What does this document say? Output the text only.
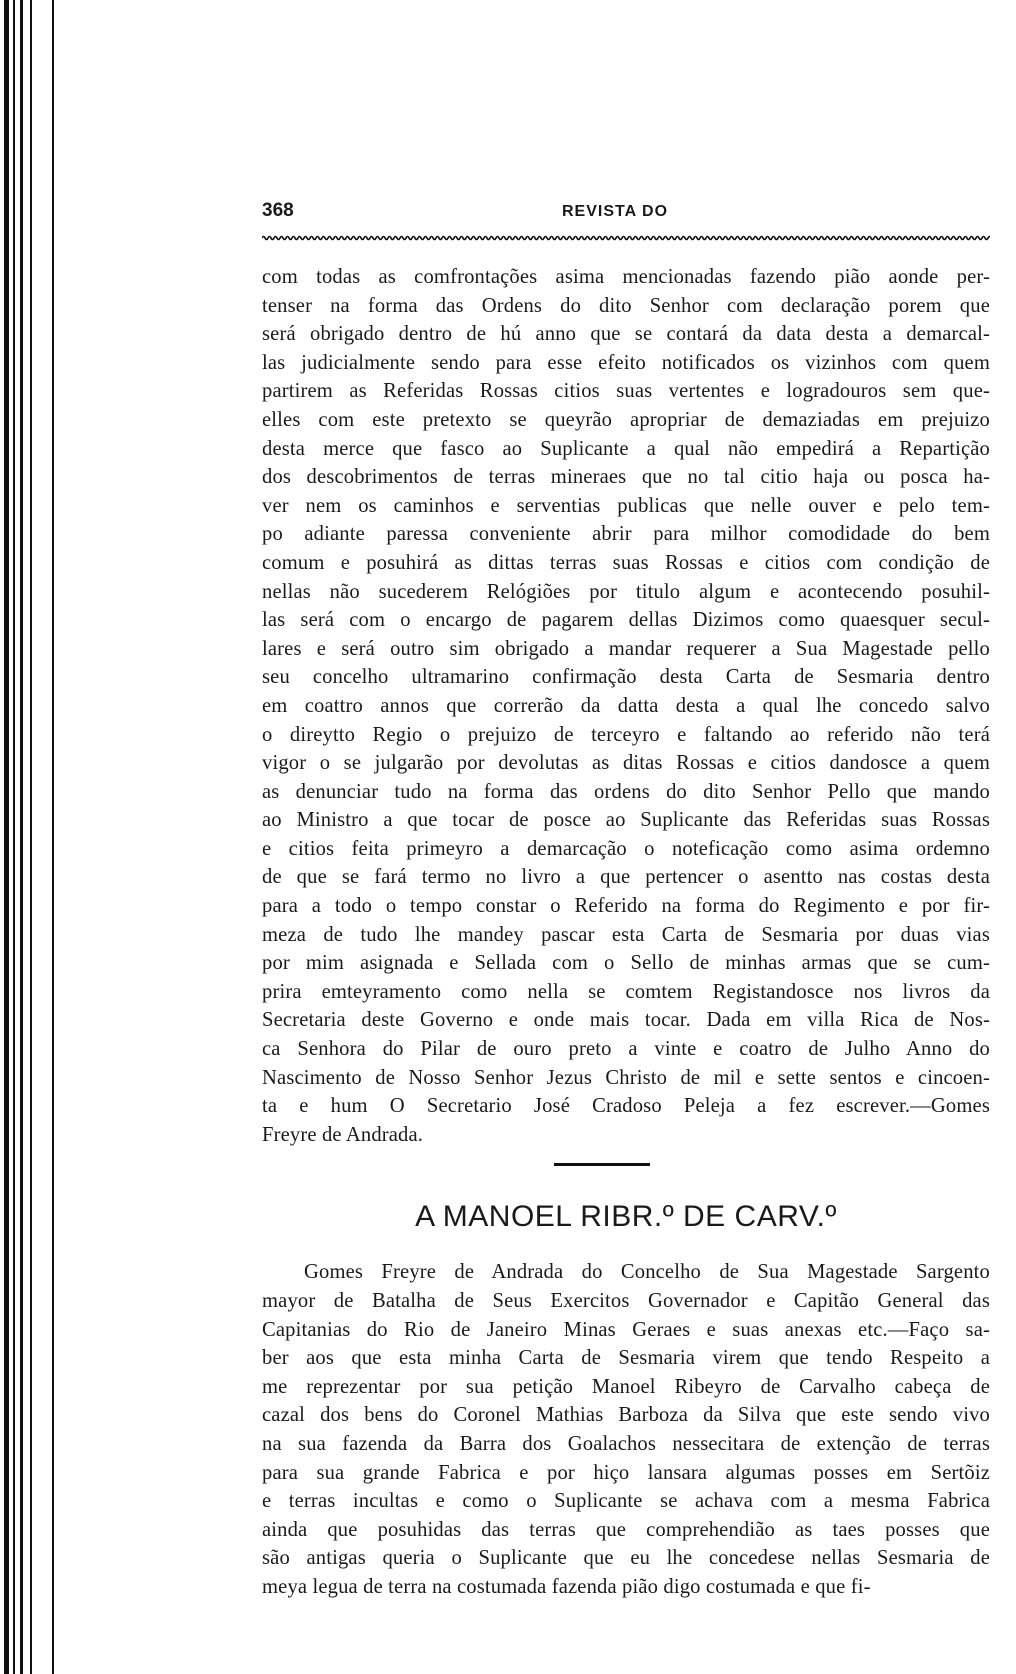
368	REVISTA DO
com todas as comfrontações asima mencionadas fazendo pião aonde per-
tenser na forma das Ordens do dito Senhor com declaração porem que
será obrigado dentro de hú anno que se contará da data desta a demarcal-
las judicialmente sendo para esse efeito notificados os vizinhos com quem
partirem as Referidas Rossas citios suas vertentes e logradouros sem que-
elles com este pretexto se queyrão apropriar de demaziadas em prejuizo
desta merce que fasco ao Suplicante a qual não empedirá a Repartição
dos descobrimentos de terras mineraes que no tal citio haja ou posca ha-
ver nem os caminhos e serventias publicas que nelle ouver e pelo tem-
po adiante paressa conveniente abrir para milhor comodidade do bem
comum e posuhirá as dittas terras suas Rossas e citios com condição de
nellas não sucederem Relógiões por titulo algum e acontecendo posuhil-
las será com o encargo de pagarem dellas Dizimos como quaesquer secul-
lares e será outro sim obrigado a mandar requerer a Sua Magestade pello
seu concelho ultramarino confirmação desta Carta de Sesmaria dentro
em coattro annos que correrão da datta desta a qual lhe concedo salvo
o direytto Regio o prejuizo de terceyro e faltando ao referido não terá
vigor o se julgarão por devolutas as ditas Rossas e citios dandosce a quem
as denunciar tudo na forma das ordens do dito Senhor Pello que mando
ao Ministro a que tocar de posce ao Suplicante das Referidas suas Rossas
e citios feita primeyro a demarcação o noteficação como asima ordemno
de que se fará termo no livro a que pertencer o asentto nas costas desta
para a todo o tempo constar o Referido na forma do Regimento e por fir-
meza de tudo lhe mandey pascar esta Carta de Sesmaria por duas vias
por mim asignada e Sellada com o Sello de minhas armas que se cum-
prira emteyramento como nella se comtem Registandosce nos livros da
Secretaria deste Governo e onde mais tocar. Dada em villa Rica de Nos-
ca Senhora do Pilar de ouro preto a vinte e coatro de Julho Anno do
Nascimento de Nosso Senhor Jezus Christo de mil e sette sentos e cincoen-
ta e hum O Secretario José Cradoso Peleja a fez escrever.—Gomes
Freyre de Andrada.
A MANOEL RIBR.º DE CARV.º
Gomes Freyre de Andrada do Concelho de Sua Magestade Sargento
mayor de Batalha de Seus Exercitos Governador e Capitão General das
Capitanias do Rio de Janeiro Minas Geraes e suas anexas etc.—Faço sa-
ber aos que esta minha Carta de Sesmaria virem que tendo Respeito a
me reprezentar por sua petição Manoel Ribeyro de Carvalho cabeça de
cazal dos bens do Coronel Mathias Barboza da Silva que este sendo vivo
na sua fazenda da Barra dos Goalachos nessecitara de extenção de terras
para sua grande Fabrica e por hiço lansara algumas posses em Sertõiz
e terras incultas e como o Suplicante se achava com a mesma Fabrica
ainda que posuhidas das terras que comprehendião as taes posses que
são antigas queria o Suplicante que eu lhe concedese nellas Sesmaria de
meya legua de terra na costumada fazenda pião digo costumada e que fi-
